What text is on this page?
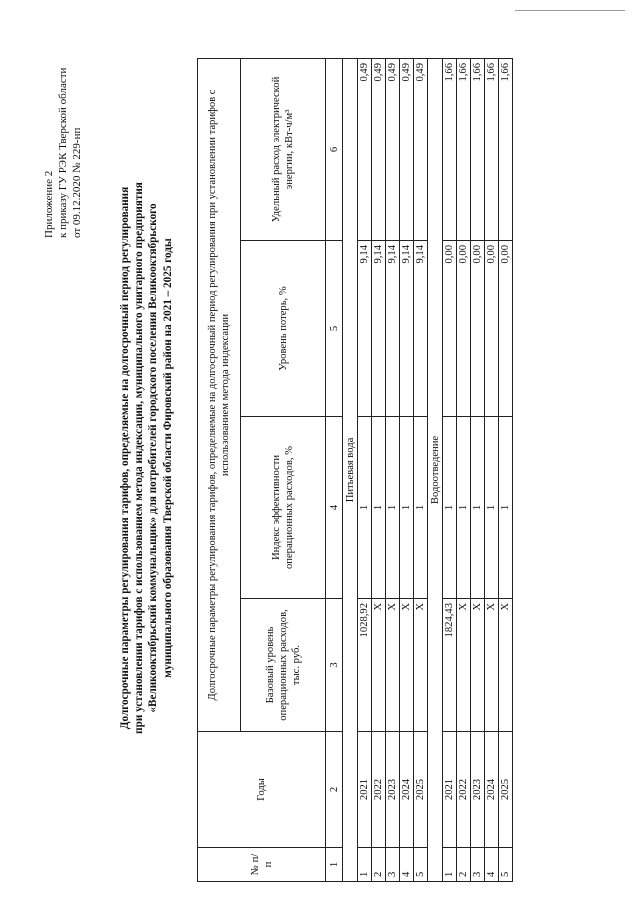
Приложение 2 к приказу ГУ РЭК Тверской области от 09.12.2020 № 229-нп
Долгосрочные параметры регулирования тарифов, определяемые на долгосрочный период регулирования при установлении тарифов с использованием метода индексации, муниципального унитарного предприятия «Великооктябрьский коммунальщик» для потребителей городского поселения Великооктябрьского муниципального образования Тверской области Фировский район на 2021 – 2025 годы
№ п/п	Годы	Долгосрочные параметры регулирования тарифов, определяемые на долгосрочный период регулирования при установлении тарифов с использованием метода индексации			
		Базовый уровень операционных расходов, тыс. руб.	Индекс эффективности операционных расходов, %	Уровень потерь, %	Удельный расход электрической энергии, кВт-ч/м³
1	2	3	4	5	6
Питьевая вода					
1	2021	1028,92	1	9,14	0,49
2	2022	Х	1	9,14	0,49
3	2023	Х	1	9,14	0,49
4	2024	Х	1	9,14	0,49
5	2025	Х	1	9,14	0,49
Водоотведение					
1	2021	1824,43	1	0,00	1,66
2	2022	Х	1	0,00	1,66
3	2023	Х	1	0,00	1,66
4	2024	Х	1	0,00	1,66
5	2025	Х	1	0,00	1,66
